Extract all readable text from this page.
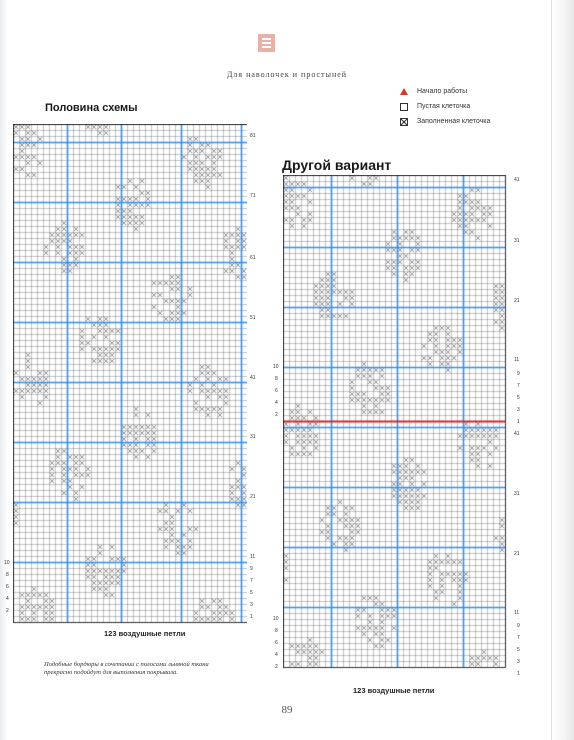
Для наволочек и простыней
Начало работы
Пустая клеточка
Заполненная клеточка
Половина схемы
Другой вариант
81
71
61
51
41
31
21
11
9
7
5
3
1
10
8
6
4
2
41
31
21
11
9
7
5
3
1
10
8
6
4
2
41
31
21
11
9
7
5
3
1
10
8
6
4
2
123 воздушные петли
123 воздушные петли
Подобные бордюры в сочетании с полосами льняной ткани прекрасно подойдут для выполнения покрывала.
89
